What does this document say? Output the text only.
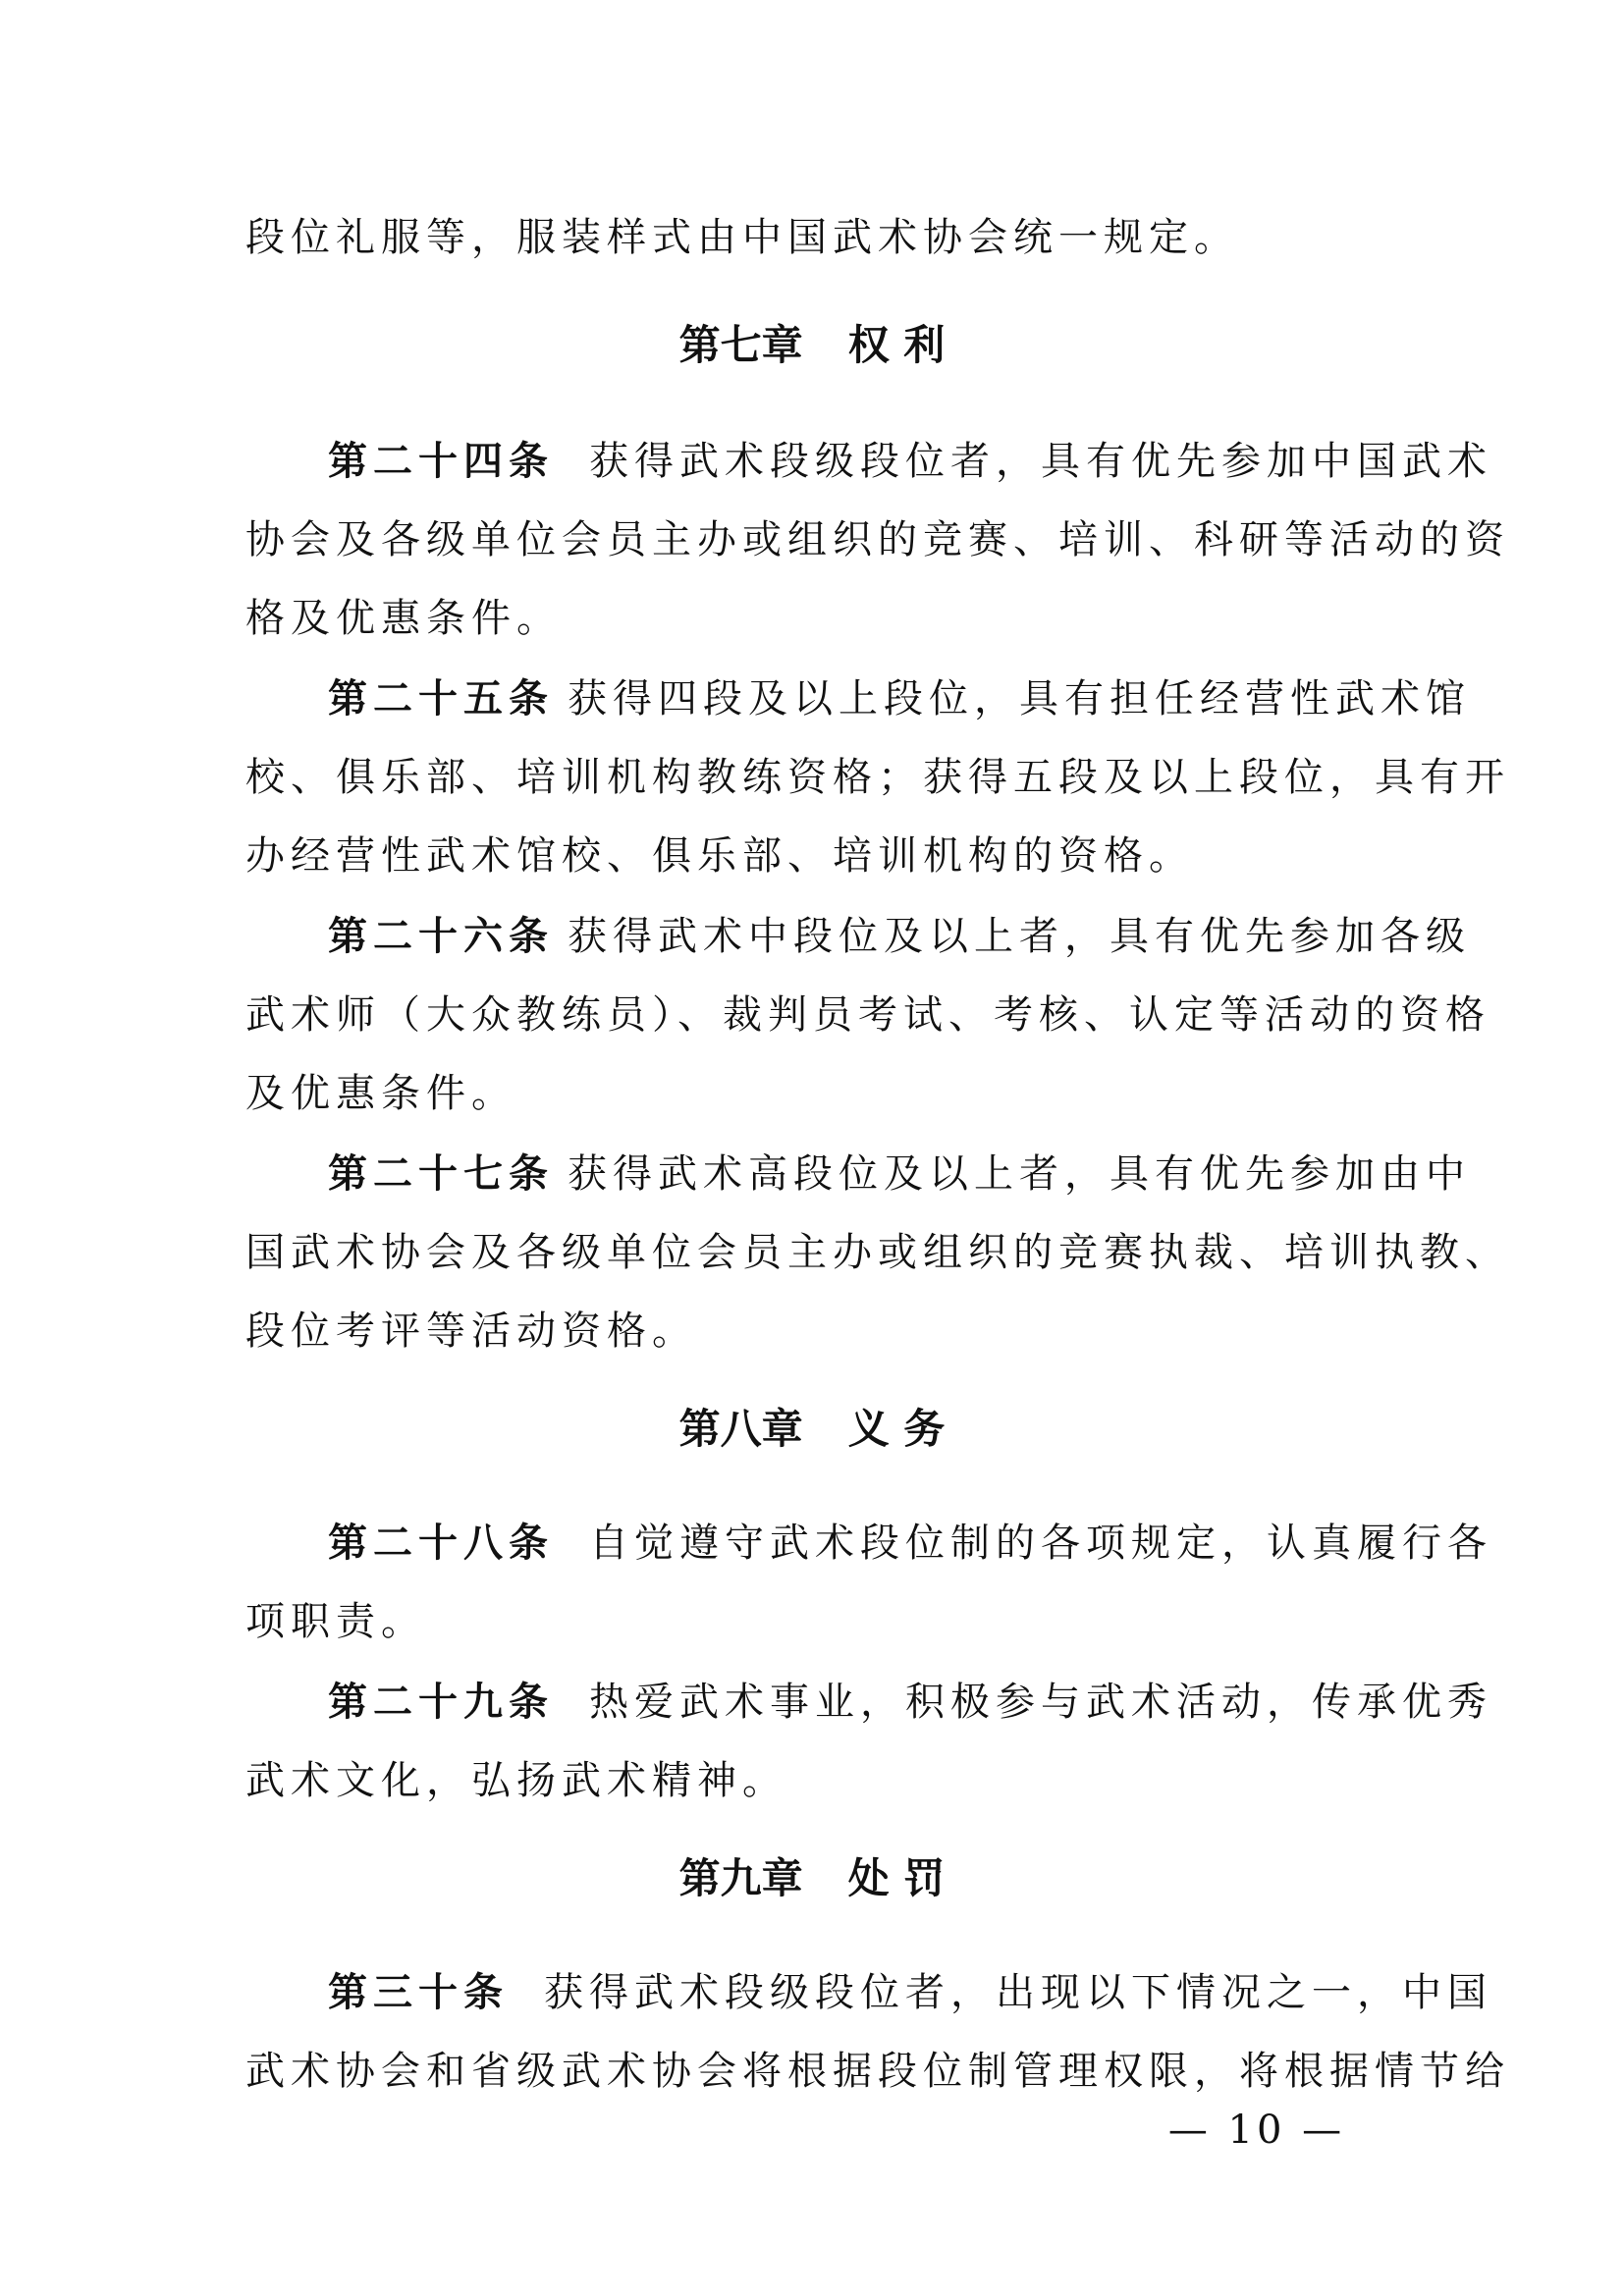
段位礼服等，服装样式由中国武术协会统一规定。
第七章 权 利
第二十四条 获得武术段级段位者，具有优先参加中国武术
协会及各级单位会员主办或组织的竞赛、培训、科研等活动的资
格及优惠条件。
第二十五条 获得四段及以上段位，具有担任经营性武术馆
校、俱乐部、培训机构教练资格；获得五段及以上段位，具有开
办经营性武术馆校、俱乐部、培训机构的资格。
第二十六条 获得武术中段位及以上者，具有优先参加各级
武术师（大众教练员）、裁判员考试、考核、认定等活动的资格
及优惠条件。
第二十七条 获得武术高段位及以上者，具有优先参加由中
国武术协会及各级单位会员主办或组织的竞赛执裁、培训执教、
段位考评等活动资格。
第八章 义 务
第二十八条 自觉遵守武术段位制的各项规定，认真履行各
项职责。
第二十九条 热爱武术事业，积极参与武术活动，传承优秀
武术文化，弘扬武术精神。
第九章 处 罚
第三十条 获得武术段级段位者，出现以下情况之一，中国
武术协会和省级武术协会将根据段位制管理权限，将根据情节给
— 10 —
